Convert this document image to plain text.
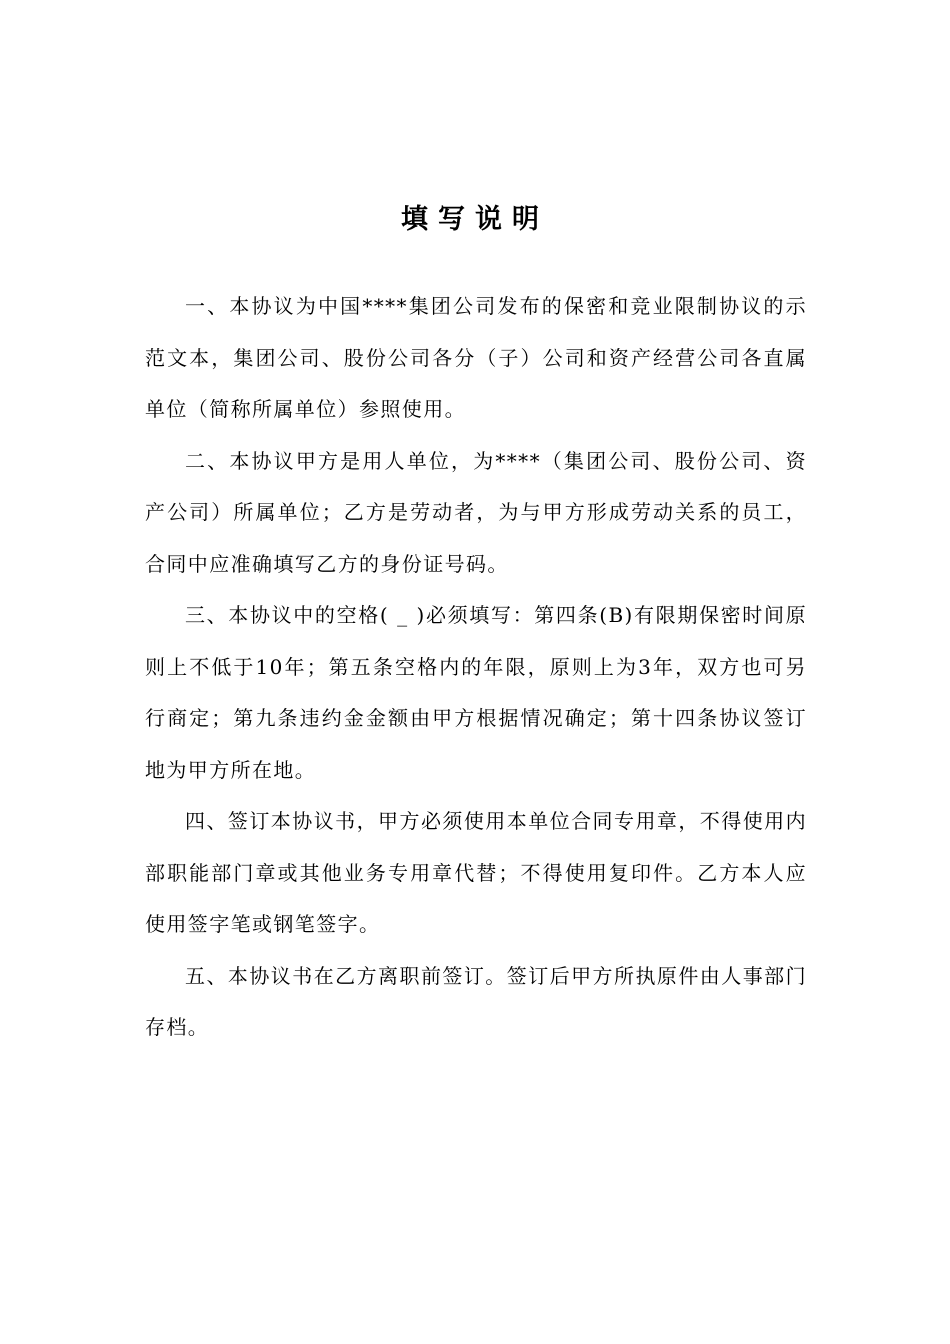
填写说明

一、本协议为中国****集团公司发布的保密和竞业限制协议的示范文本，集团公司、股份公司各分（子）公司和资产经营公司各直属单位（简称所属单位）参照使用。

二、本协议甲方是用人单位，为****（集团公司、股份公司、资产公司）所属单位；乙方是劳动者，为与甲方形成劳动关系的员工，合同中应准确填写乙方的身份证号码。

三、本协议中的空格( _ )必须填写：第四条(B)有限期保密时间原则上不低于10年；第五条空格内的年限，原则上为3年，双方也可另行商定；第九条违约金金额由甲方根据情况确定；第十四条协议签订地为甲方所在地。

四、签订本协议书，甲方必须使用本单位合同专用章，不得使用内部职能部门章或其他业务专用章代替；不得使用复印件。乙方本人应使用签字笔或钢笔签字。

五、本协议书在乙方离职前签订。签订后甲方所执原件由人事部门存档。
